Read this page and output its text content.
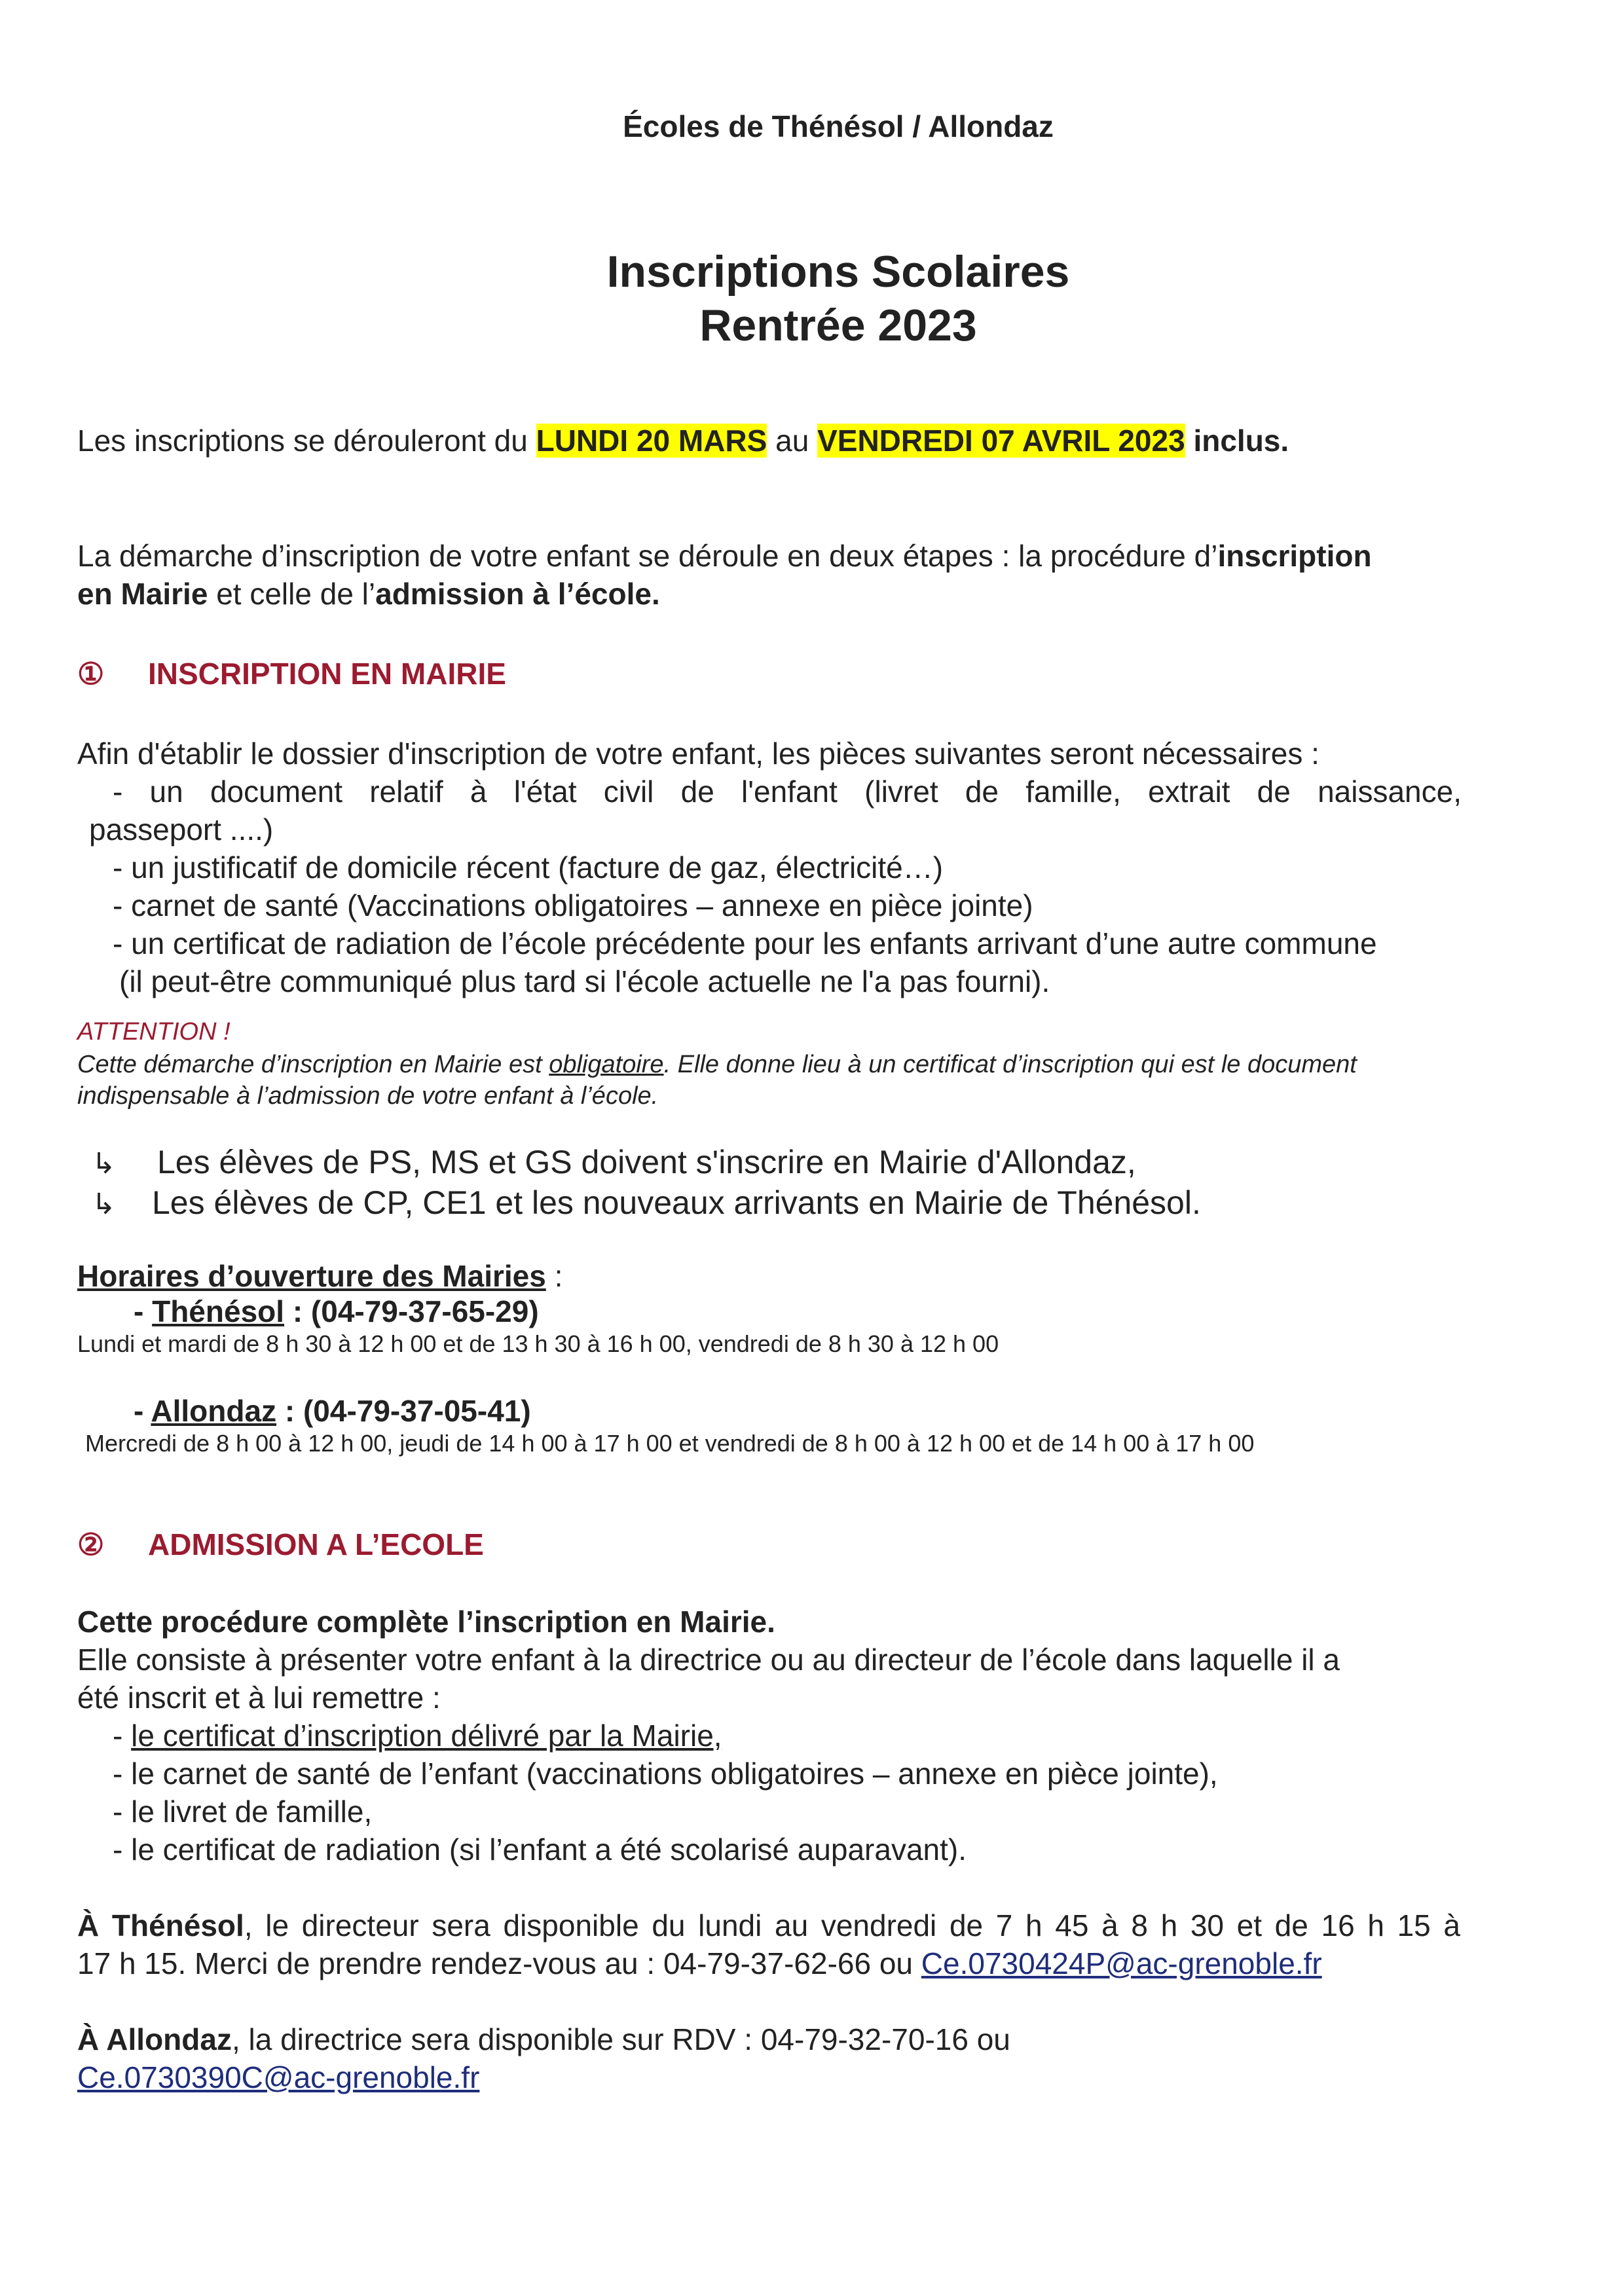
Écoles de Thénésol / Allondaz
Inscriptions Scolaires
Rentrée 2023
Les inscriptions se dérouleront du LUNDI 20 MARS au VENDREDI 07 AVRIL 2023 inclus.
La démarche d’inscription de votre enfant se déroule en deux étapes : la procédure d’inscription
en Mairie et celle de l’admission à l’école.
① INSCRIPTION EN MAIRIE
Afin d'établir le dossier d'inscription de votre enfant, les pièces suivantes seront nécessaires :
- un document relatif à l'état civil de l'enfant (livret de famille, extrait de naissance,
passeport ....)
- un justificatif de domicile récent (facture de gaz, électricité…)
- carnet de santé (Vaccinations obligatoires – annexe en pièce jointe)
- un certificat de radiation de l’école précédente pour les enfants arrivant d’une autre commune
(il peut-être communiqué plus tard si l'école actuelle ne l'a pas fourni).
ATTENTION !
Cette démarche d’inscription en Mairie est obligatoire. Elle donne lieu à un certificat d’inscription qui est le document
indispensable à l’admission de votre enfant à l’école.
↳ Les élèves de PS, MS et GS doivent s'inscrire en Mairie d'Allondaz,
↳ Les élèves de CP, CE1 et les nouveaux arrivants en Mairie de Thénésol.
Horaires d’ouverture des Mairies :
- Thénésol : (04-79-37-65-29)
Lundi et mardi de 8 h 30 à 12 h 00 et de 13 h 30 à 16 h 00, vendredi de 8 h 30 à 12 h 00
- Allondaz : (04-79-37-05-41)
Mercredi de 8 h 00 à 12 h 00, jeudi de 14 h 00 à 17 h 00 et vendredi de 8 h 00 à 12 h 00 et de 14 h 00 à 17 h 00
② ADMISSION A L’ECOLE
Cette procédure complète l’inscription en Mairie.
Elle consiste à présenter votre enfant à la directrice ou au directeur de l’école dans laquelle il a
été inscrit et à lui remettre :
- le certificat d’inscription délivré par la Mairie,
- le carnet de santé de l’enfant (vaccinations obligatoires – annexe en pièce jointe),
- le livret de famille,
- le certificat de radiation (si l’enfant a été scolarisé auparavant).
À Thénésol, le directeur sera disponible du lundi au vendredi de 7 h 45 à 8 h 30 et de 16 h 15 à
17 h 15. Merci de prendre rendez-vous au : 04-79-37-62-66 ou Ce.0730424P@ac-grenoble.fr
À Allondaz, la directrice sera disponible sur RDV : 04-79-32-70-16 ou
Ce.0730390C@ac-grenoble.fr
